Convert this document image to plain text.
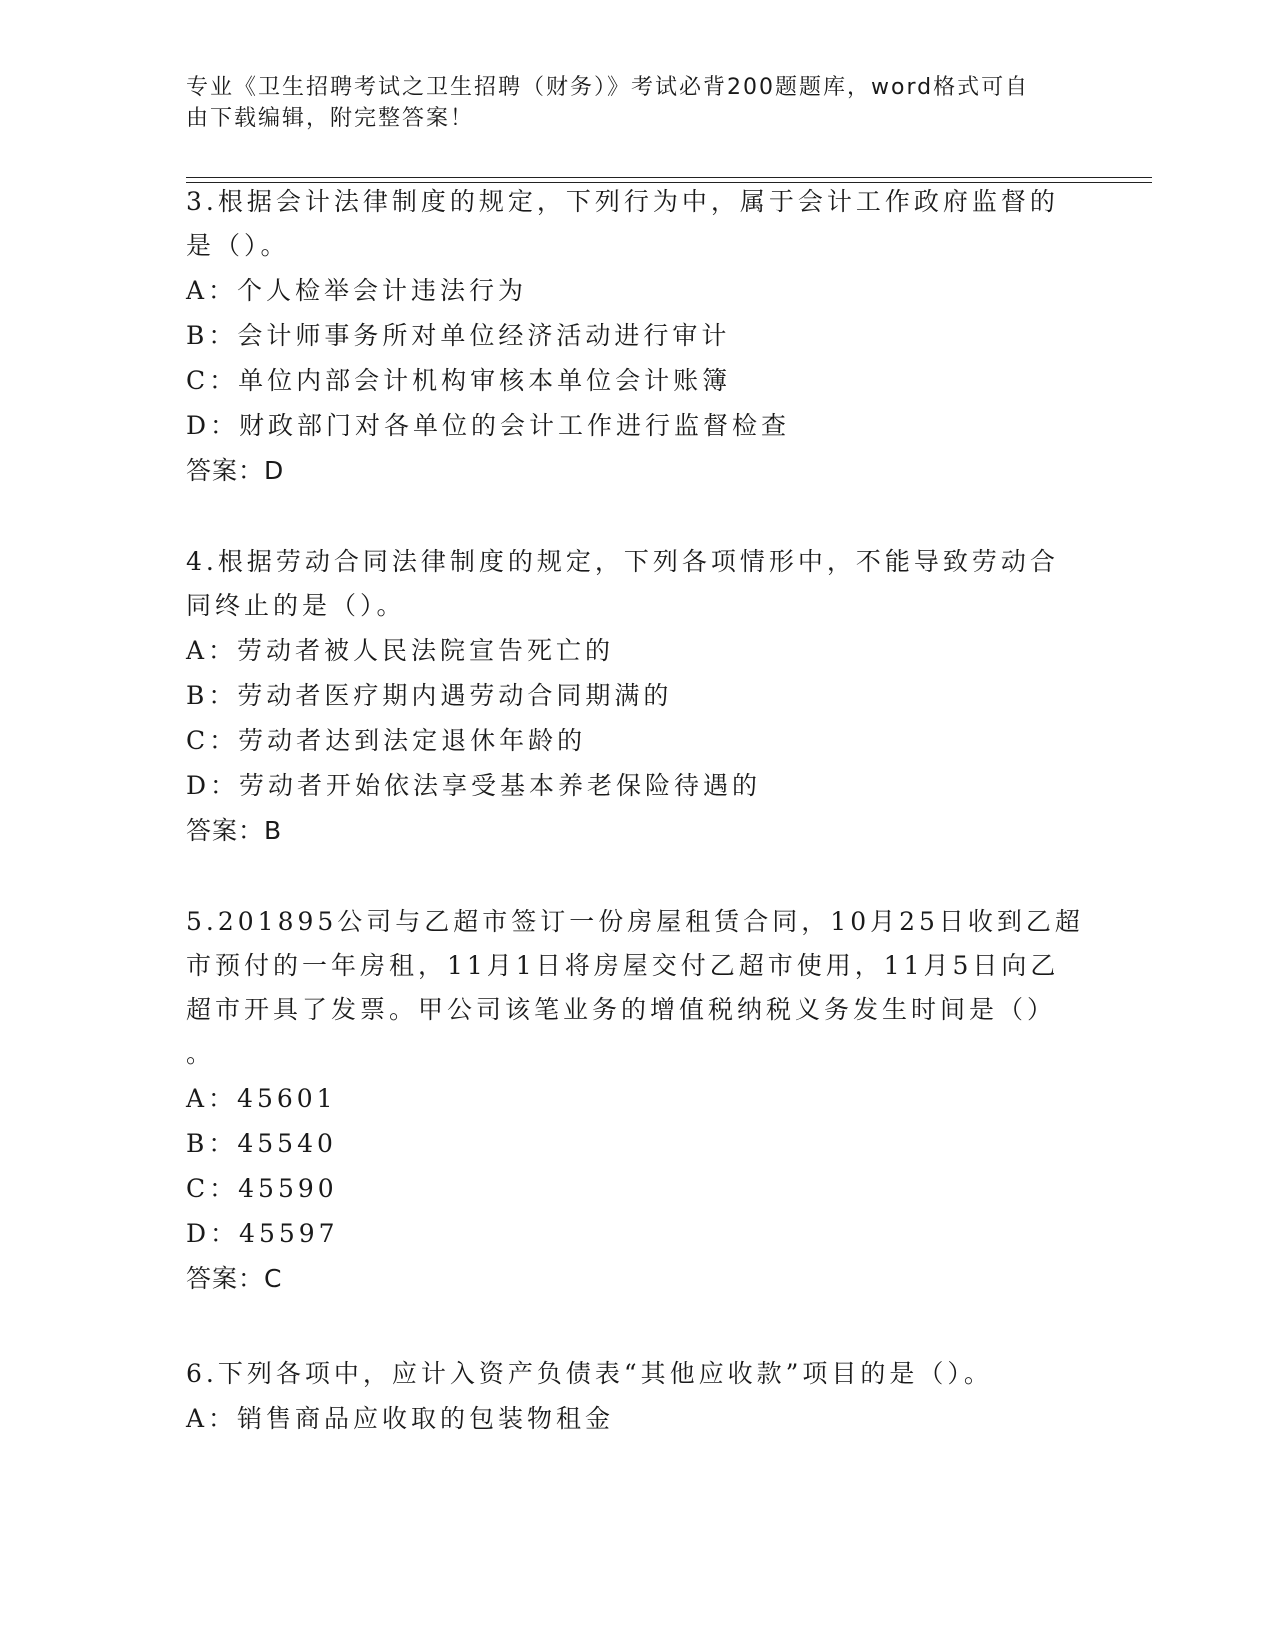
专业《卫生招聘考试之卫生招聘（财务）》考试必背200题题库，word格式可自
由下载编辑，附完整答案！
3.根据会计法律制度的规定，下列行为中，属于会计工作政府监督的
是（）。
A：个人检举会计违法行为
B：会计师事务所对单位经济活动进行审计
C：单位内部会计机构审核本单位会计账簿
D：财政部门对各单位的会计工作进行监督检查
答案：D
4.根据劳动合同法律制度的规定，下列各项情形中，不能导致劳动合
同终止的是（）。
A：劳动者被人民法院宣告死亡的
B：劳动者医疗期内遇劳动合同期满的
C：劳动者达到法定退休年龄的
D：劳动者开始依法享受基本养老保险待遇的
答案：B
5.201895公司与乙超市签订一份房屋租赁合同，10月25日收到乙超
市预付的一年房租，11月1日将房屋交付乙超市使用，11月5日向乙
超市开具了发票。甲公司该笔业务的增值税纳税义务发生时间是（）
。
A：45601
B：45540
C：45590
D：45597
答案：C
6.下列各项中，应计入资产负债表“其他应收款”项目的是（）。
A：销售商品应收取的包装物租金
